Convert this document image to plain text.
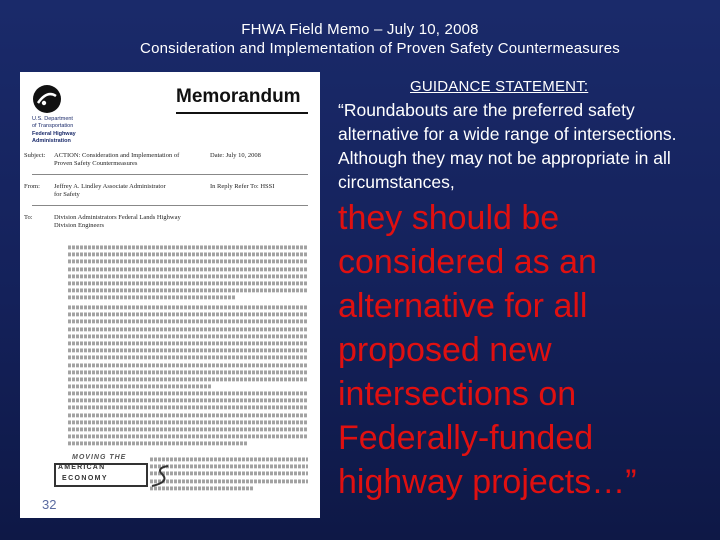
FHWA Field Memo – July 10, 2008
Consideration and Implementation of Proven Safety Countermeasures
U.S. Department
of Transportation
Federal Highway
Administration
Memorandum
Subject:	ACTION: Consideration and Implementation of Proven Safety Countermeasures
Date: July 10, 2008
From:	Jeffrey A. Lindley Associate Administrator for Safety
In Reply Refer To: HSSI
To:	Division Administrators Federal Lands Highway Division Engineers
MOVING THE
AMERICAN
ECONOMY
32
GUIDANCE STATEMENT:
“Roundabouts are the preferred safety alternative for a wide range of intersections. Although they may not be appropriate in all circumstances,
they should be considered as an alternative for all proposed new intersections on Federally-funded highway projects…”
